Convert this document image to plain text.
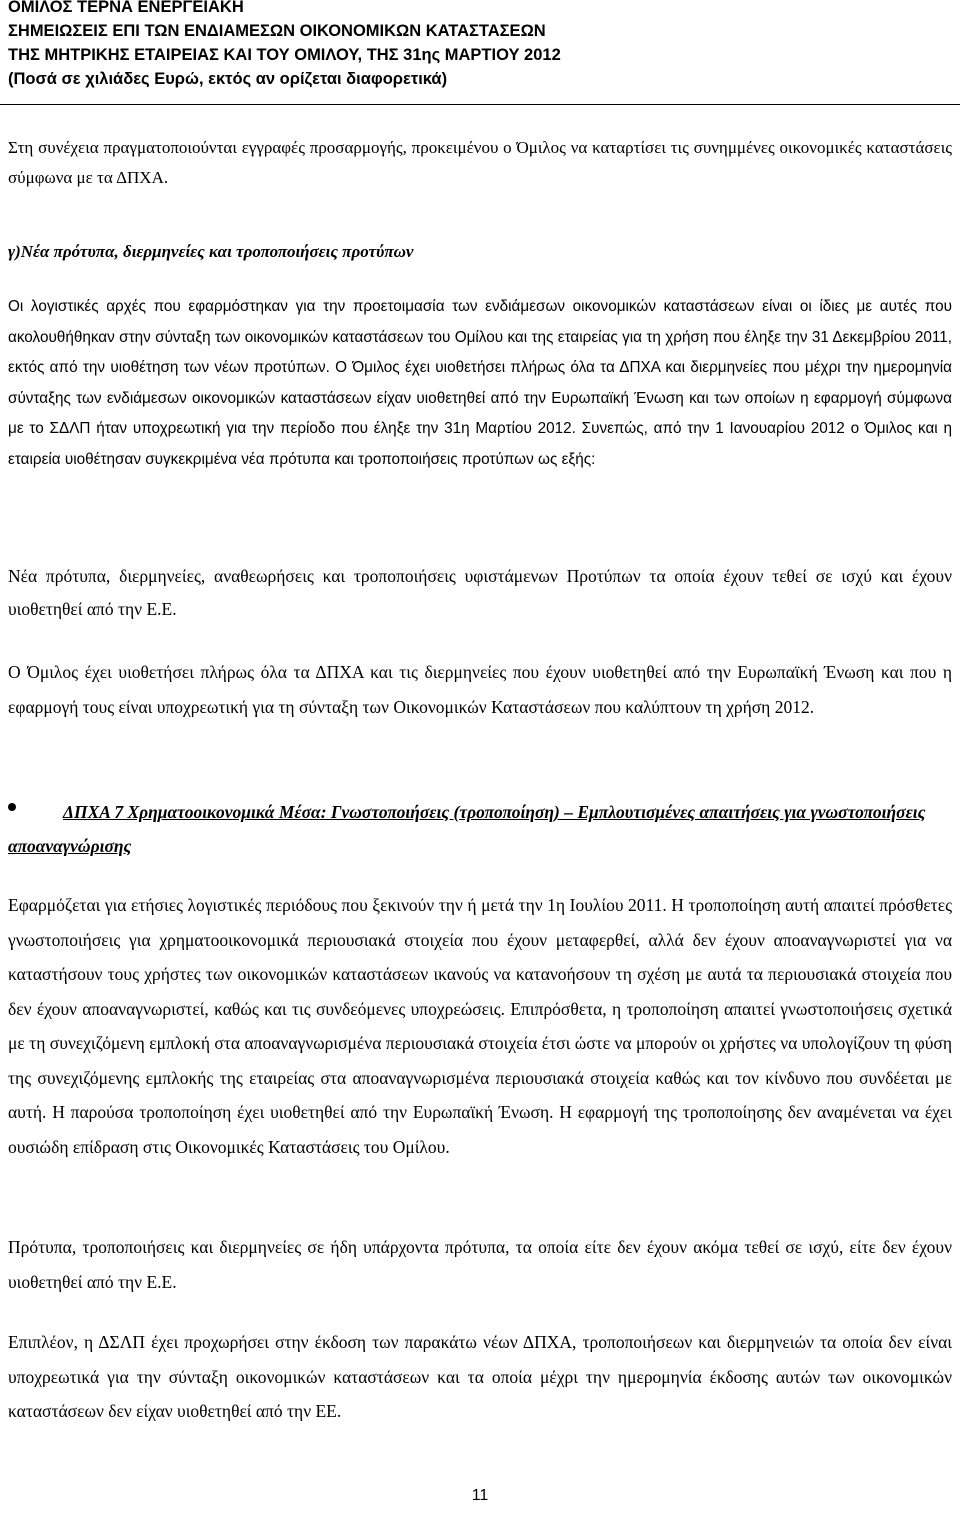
ΟΜΙΛΟΣ ΤΕΡΝΑ ΕΝΕΡΓΕΙΑΚΗ
ΣΗΜΕΙΩΣΕΙΣ ΕΠΙ ΤΩΝ ΕΝΔΙΑΜΕΣΩΝ ΟΙΚΟΝΟΜΙΚΩΝ ΚΑΤΑΣΤΑΣΕΩΝ
ΤΗΣ ΜΗΤΡΙΚΗΣ ΕΤΑΙΡΕΙΑΣ ΚΑΙ ΤΟΥ ΟΜΙΛΟΥ, ΤΗΣ 31ης ΜΑΡΤΙΟΥ 2012
(Ποσά σε χιλιάδες Ευρώ, εκτός αν ορίζεται διαφορετικά)

Στη συνέχεια πραγματοποιούνται εγγραφές προσαρμογής, προκειμένου ο Όμιλος να καταρτίσει τις συνημμένες οικονομικές καταστάσεις σύμφωνα με τα ΔΠΧΑ.

γ)Νέα πρότυπα, διερμηνείες και τροποποιήσεις προτύπων

Οι λογιστικές αρχές που εφαρμόστηκαν για την προετοιμασία των ενδιάμεσων οικονομικών καταστάσεων είναι οι ίδιες με αυτές που ακολουθήθηκαν στην σύνταξη των οικονομικών καταστάσεων του Ομίλου και της εταιρείας για τη χρήση που έληξε την 31 Δεκεμβρίου 2011, εκτός από την υιοθέτηση των νέων προτύπων. Ο Όμιλος έχει υιοθετήσει πλήρως όλα τα ΔΠΧΑ και διερμηνείες που μέχρι την ημερομηνία σύνταξης των ενδιάμεσων οικονομικών καταστάσεων είχαν υιοθετηθεί από την Ευρωπαϊκή Ένωση και των οποίων η εφαρμογή σύμφωνα με το ΣΔΛΠ ήταν υποχρεωτική για την περίοδο που έληξε την 31η Μαρτίου 2012. Συνεπώς, από την 1 Ιανουαρίου 2012 ο Όμιλος και η εταιρεία υιοθέτησαν συγκεκριμένα νέα πρότυπα και τροποποιήσεις προτύπων ως εξής:

Νέα πρότυπα, διερμηνείες, αναθεωρήσεις και τροποποιήσεις υφιστάμενων Προτύπων τα οποία έχουν τεθεί σε ισχύ και έχουν υιοθετηθεί από την Ε.Ε.

Ο Όμιλος έχει υιοθετήσει πλήρως όλα τα ΔΠΧΑ και τις διερμηνείες που έχουν υιοθετηθεί από την Ευρωπαϊκή Ένωση και που η εφαρμογή τους είναι υποχρεωτική για τη σύνταξη των Οικονομικών Καταστάσεων που καλύπτουν τη χρήση 2012.

ΔΠΧΑ 7 Χρηματοοικονομικά Μέσα: Γνωστοποιήσεις (τροποποίηση) – Εμπλουτισμένες απαιτήσεις για γνωστοποιήσεις αποαναγνώρισης

Εφαρμόζεται για ετήσιες λογιστικές περιόδους που ξεκινούν την ή μετά την 1η Ιουλίου 2011. Η τροποποίηση αυτή απαιτεί πρόσθετες γνωστοποιήσεις για χρηματοοικονομικά περιουσιακά στοιχεία που έχουν μεταφερθεί, αλλά δεν έχουν αποαναγνωριστεί για να καταστήσουν τους χρήστες των οικονομικών καταστάσεων ικανούς να κατανοήσουν τη σχέση με αυτά τα περιουσιακά στοιχεία που δεν έχουν αποαναγνωριστεί, καθώς και τις συνδεόμενες υποχρεώσεις. Επιπρόσθετα, η τροποποίηση απαιτεί γνωστοποιήσεις σχετικά με τη συνεχιζόμενη εμπλοκή στα αποαναγνωρισμένα περιουσιακά στοιχεία έτσι ώστε να μπορούν οι χρήστες να υπολογίζουν τη φύση της συνεχιζόμενης εμπλοκής της εταιρείας στα αποαναγνωρισμένα περιουσιακά στοιχεία καθώς και τον κίνδυνο που συνδέεται με αυτή. Η παρούσα τροποποίηση έχει υιοθετηθεί από την Ευρωπαϊκή Ένωση. Η εφαρμογή της τροποποίησης δεν αναμένεται να έχει ουσιώδη επίδραση στις Οικονομικές Καταστάσεις του Ομίλου.

Πρότυπα, τροποποιήσεις και διερμηνείες σε ήδη υπάρχοντα πρότυπα, τα οποία είτε δεν έχουν ακόμα τεθεί σε ισχύ, είτε δεν έχουν υιοθετηθεί από την Ε.Ε.

Επιπλέον, η ΔΣΛΠ έχει προχωρήσει στην έκδοση των παρακάτω νέων ΔΠΧΑ, τροποποιήσεων και διερμηνειών τα οποία δεν είναι υποχρεωτικά για την σύνταξη οικονομικών καταστάσεων και τα οποία μέχρι την ημερομηνία έκδοσης αυτών των οικονομικών καταστάσεων δεν είχαν υιοθετηθεί από την ΕΕ.

11
